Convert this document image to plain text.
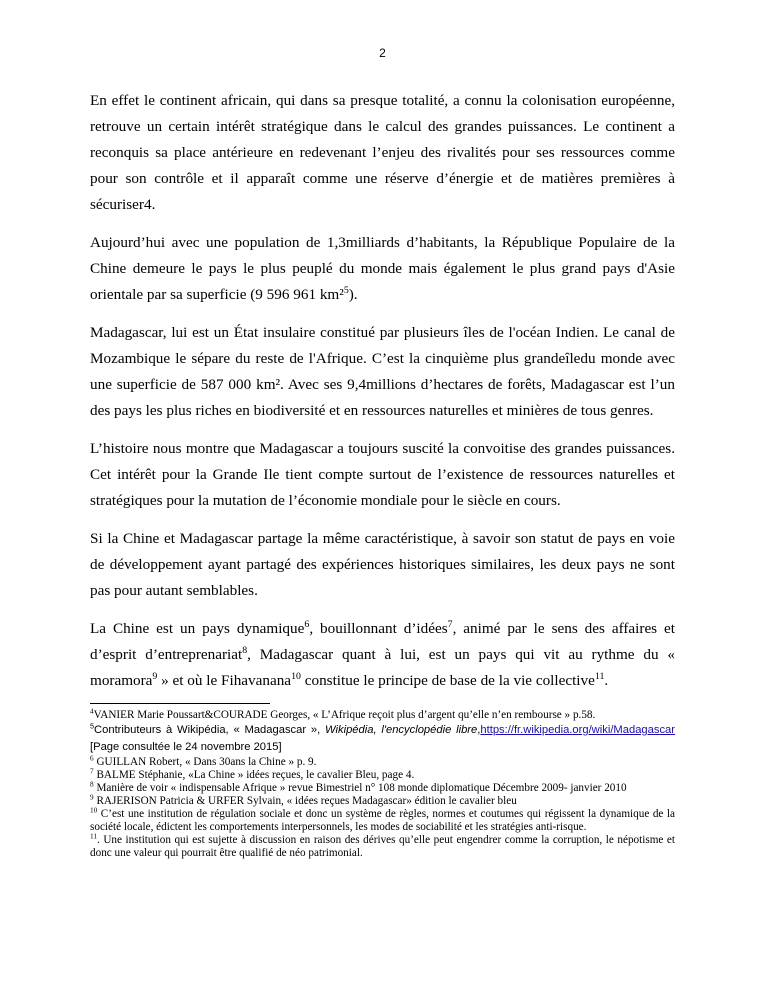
2

En effet le continent africain, qui dans sa presque totalité, a connu la colonisation européenne, retrouve un certain intérêt stratégique dans le calcul des grandes puissances. Le continent a reconquis sa place antérieure en redevenant l’enjeu des rivalités pour ses ressources comme pour son contrôle et il apparaît comme une réserve d’énergie et de matières premières à sécuriser4.

Aujourd’hui avec une population de 1,3milliards d’habitants, la République Populaire de la Chine demeure le pays le plus peuplé du monde mais également le plus grand pays d'Asie orientale par sa superficie (9 596 961 km²$^5$).

Madagascar, lui est un État insulaire constitué par plusieurs îles de l'océan Indien. Le canal de Mozambique le sépare du reste de l'Afrique. C’est la cinquième plus grandeîledu monde avec une superficie de 587 000 km². Avec ses 9,4millions d’hectares de forêts, Madagascar est l’un des pays les plus riches en biodiversité et en ressources naturelles et minières de tous genres.

L’histoire nous montre que Madagascar a toujours suscité la convoitise des grandes puissances. Cet intérêt pour la Grande Ile tient compte surtout de l’existence de ressources naturelles et stratégiques pour la mutation de l’économie mondiale pour le siècle en cours.

Si la Chine et Madagascar partage la même caractéristique, à savoir son statut de pays en voie de développement ayant partagé des expériences historiques similaires, les deux pays ne sont pas pour autant semblables.

La Chine est un pays dynamique$^6$, bouillonnant d’idées$^7$, animé par le sens des affaires et d’esprit d’entreprenariat$^8$, Madagascar quant à lui, est un pays qui vit au rythme du « moramora$^9$ » et où le Fihavanana$^{10}$ constitue le principe de base de la vie collective$^{11}$.

$^4$VANIER Marie Poussart&COURADE Georges, « L’Afrique reçoit plus d’argent qu’elle n’en rembourse » p.58.

$^5$Contributeurs à Wikipédia, « Madagascar », Wikipédia, l'encyclopédie libre,https://fr.wikipedia.org/wiki/Madagascar [Page consultée le 24 novembre 2015]

$^6$ GUILLAN Robert, « Dans 30ans la Chine » p. 9.

$^7$ BALME Stéphanie, «La Chine » idées reçues, le cavalier Bleu, page 4.

$^8$ Manière de voir « indispensable Afrique » revue Bimestriel n° 108 monde diplomatique Décembre 2009- janvier 2010

$^9$ RAJERISON Patricia & URFER Sylvain, « idées reçues Madagascar» édition le cavalier bleu

$^{10}$ C’est une institution de régulation sociale et donc un système de règles, normes et coutumes qui régissent la dynamique de la société locale, édictent les comportements interpersonnels, les modes de sociabilité et les stratégies anti-risque.

$^{11}$. Une institution qui est sujette à discussion en raison des dérives qu’elle peut engendrer comme la corruption, le népotisme et donc une valeur qui pourrait être qualifié de néo patrimonial.
